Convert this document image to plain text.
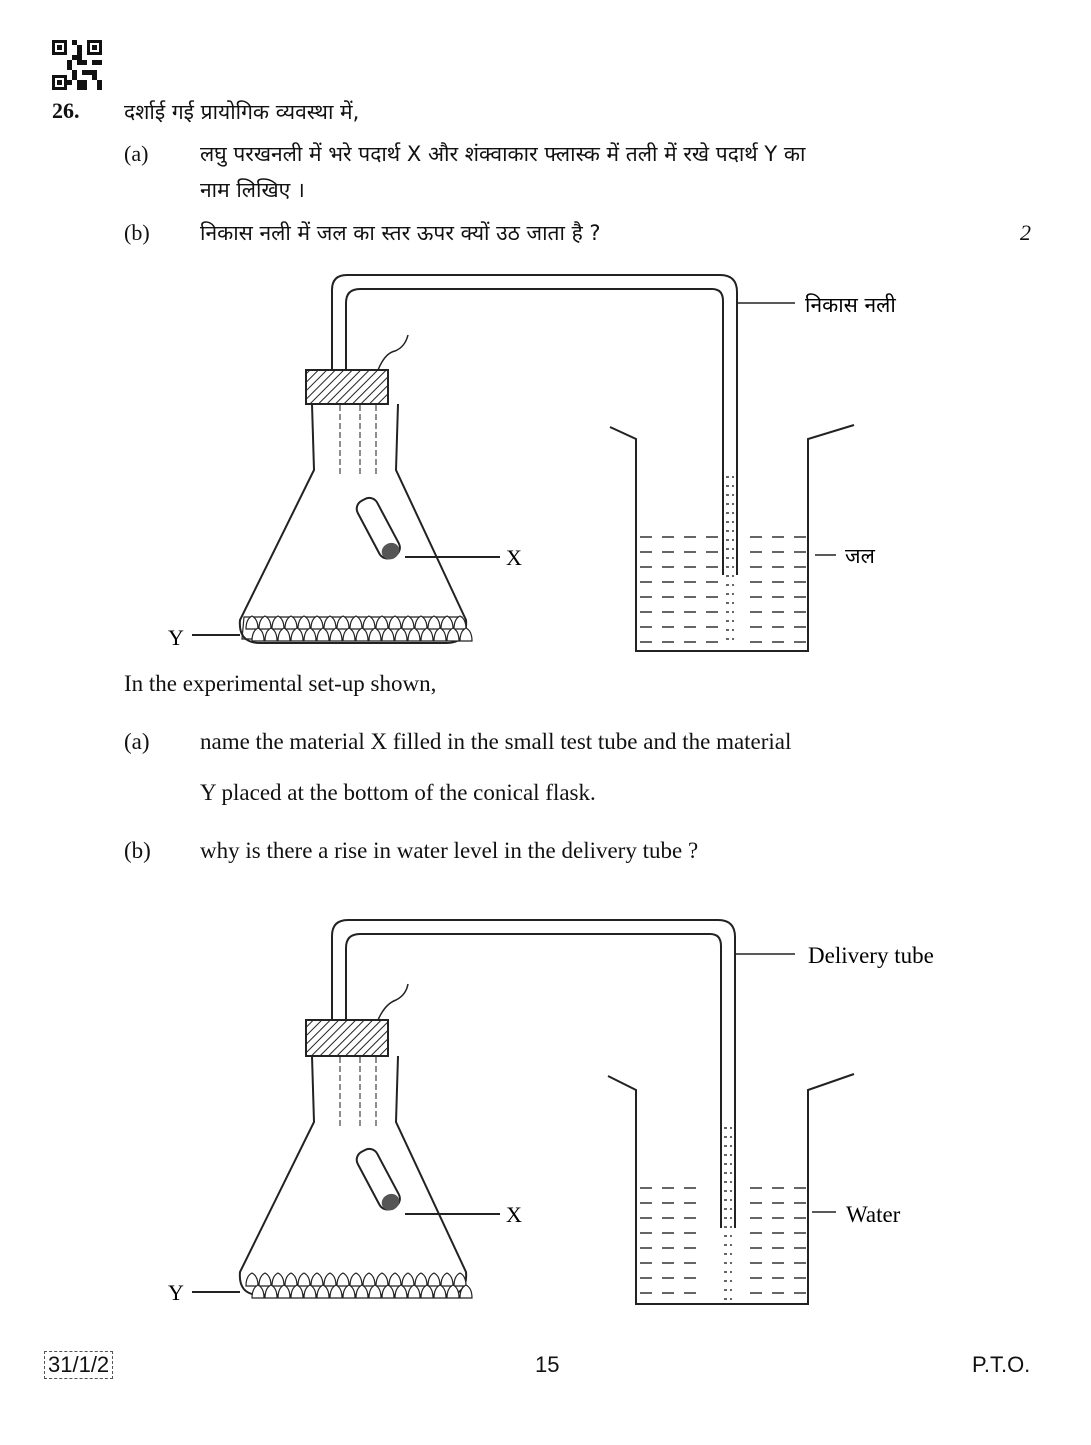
26. दर्शाई गई प्रायोगिक व्यवस्था में,
(a) लघु परखनली में भरे पदार्थ X और शंक्वाकार फ्लास्क में तली में रखे पदार्थ Y का
नाम लिखिए ।
(b) निकास नली में जल का स्तर ऊपर क्यों उठ जाता है ?	2
निकास नली
जल
X
Y
In the experimental set-up shown,
(a) name the material X filled in the small test tube and the material
Y placed at the bottom of the conical flask.
(b) why is there a rise in water level in the delivery tube ?
Delivery tube
Water
X
Y
31/1/2	15	P.T.O.
